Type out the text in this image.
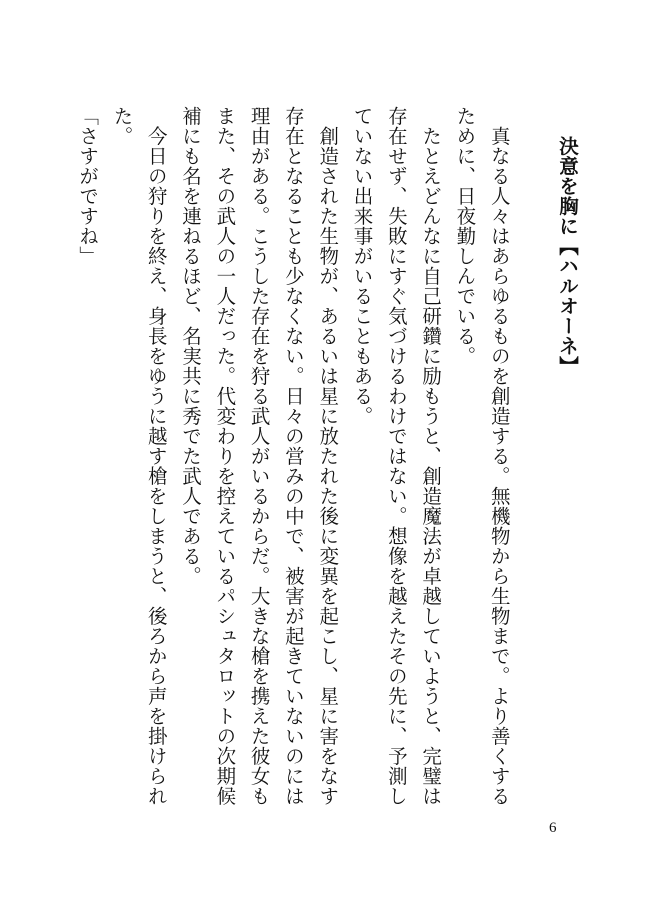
決意を胸に【ハルオーネ】

真なる人々はあらゆるものを創造する。無機物から生物まで。より善くするために、日夜勤しんでいる。

たとえどんなに自己研鑽に励もうと、創造魔法が卓越していようと、完璧は存在せず、失敗にすぐ気づけるわけではない。想像を越えたその先に、予測していない出来事がいることもある。

創造された生物が、あるいは星に放たれた後に変異を起こし、星に害をなす存在となることも少なくない。日々の営みの中で、被害が起きていないのには理由がある。こうした存在を狩る武人がいるからだ。大きな槍を携えた彼女もまた、その武人の一人だった。代変わりを控えているパシュタロットの次期候補にも名を連ねるほど、名実共に秀でた武人である。

今日の狩りを終え、身長をゆうに越す槍をしまうと、後ろから声を掛けられた。

「さすがですね」

6
